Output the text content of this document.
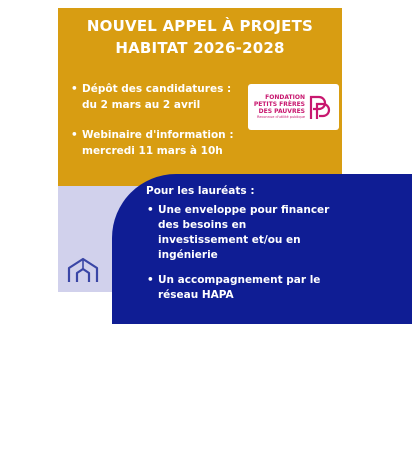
NOUVEL APPEL À PROJETS
HABITAT 2026-2028
• Dépôt des candidatures :
du 2 mars au 2 avril
• Webinaire d'information :
mercredi 11 mars à 10h
FONDATION
PETITS FRÈRES
DES PAUVRES
Reconnue d'utilité publique
Pour les lauréats :
• Une enveloppe pour financer des besoins en investissement et/ou en ingénierie
• Un accompagnement par le réseau HAPA
